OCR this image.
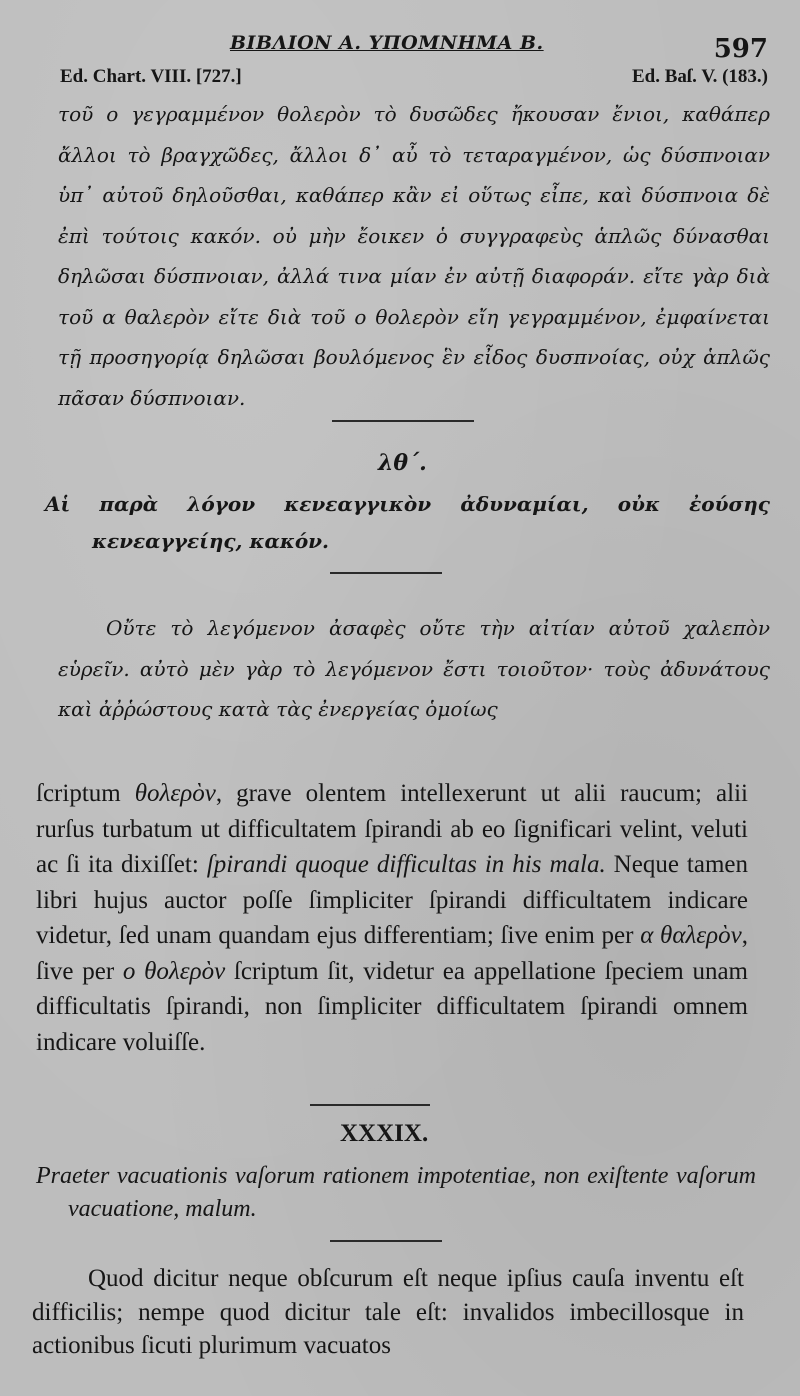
ΒΙΒΛΙΟΝ Α. ΥΠΟΜΝΗΜΑ Β.	597
Ed. Chart. VIII. [727.]	Ed. Baſ. V. (183.)

τοῦ ο γεγραμμένον θολερὸν τὸ δυσῶδες ἤκουσαν ἔνιοι, καθάπερ ἄλλοι τὸ βραγχῶδες, ἄλλοι δ᾽ αὖ τὸ τεταραγμένον, ὡς δύσπνοιαν ὑπ᾽ αὐτοῦ δηλοῦσθαι, καθάπερ κἂν εἰ οὕτως εἶπε, καὶ δύσπνοια δὲ ἐπὶ τούτοις κακόν. οὐ μὴν ἔοικεν ὁ συγγραφεὺς ἁπλῶς δύνασθαι δηλῶσαι δύσπνοιαν, ἀλλά τινα μίαν ἐν αὐτῇ διαφοράν. εἴτε γὰρ διὰ τοῦ α θαλερὸν εἴτε διὰ τοῦ ο θολερὸν εἴη γεγραμμένον, ἐμφαίνεται τῇ προσηγορίᾳ δηλῶσαι βουλόμενος ἓν εἶδος δυσπνοίας, οὐχ ἁπλῶς πᾶσαν δύσπνοιαν.

λθ΄.

Αἱ παρὰ λόγον κενεαγγικὸν ἀδυναμίαι, οὐκ ἐούσης κενεαγγείης, κακόν.

Οὔτε τὸ λεγόμενον ἀσαφὲς οὔτε τὴν αἰτίαν αὐτοῦ χαλεπὸν εὑρεῖν. αὐτὸ μὲν γὰρ τὸ λεγόμενον ἔστι τοιοῦτον· τοὺς ἀδυνάτους καὶ ἀῤῥώστους κατὰ τὰς ἐνεργείας ὁμοίως

ſcriptum θολερὸν, grave olentem intellexerunt ut alii raucum; alii rurſus turbatum ut difficultatem ſpirandi ab eo ſignificari velint, veluti ac ſi ita dixiſſet: ſpirandi quoque difficultas in his mala. Neque tamen libri hujus auctor poſſe ſimpliciter ſpirandi difficultatem indicare videtur, ſed unam quandam ejus differentiam; ſive enim per α θαλερὸν, ſive per ο θολερὸν ſcriptum ſit, videtur ea appellatione ſpeciem unam difficultatis ſpirandi, non ſimpliciter difficultatem ſpirandi omnem indicare voluiſſe.

XXXIX.

Praeter vacuationis vaſorum rationem impotentiae, non exiſtente vaſorum vacuatione, malum.

Quod dicitur neque obſcurum eſt neque ipſius cauſa inventu eſt difficilis; nempe quod dicitur tale eſt: invalidos imbecillosque in actionibus ſicuti plurimum vacuatos
